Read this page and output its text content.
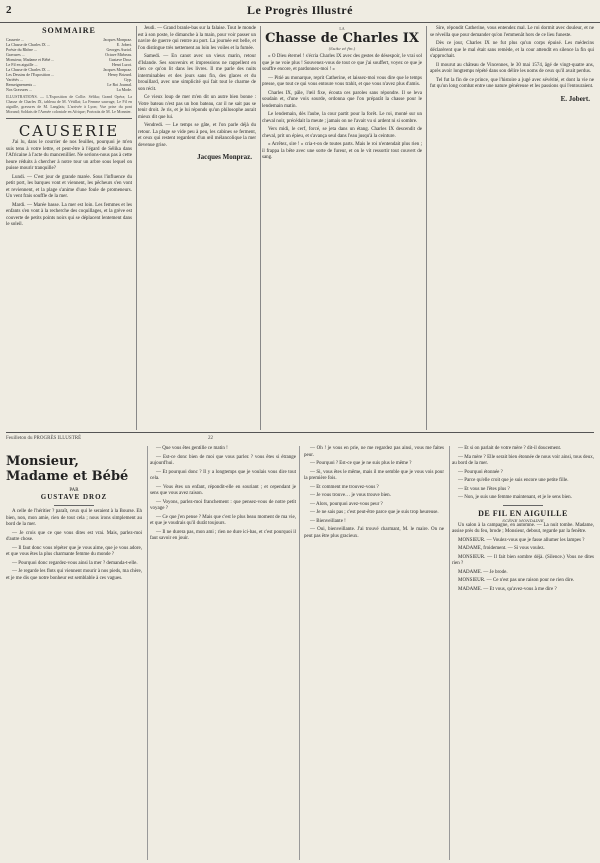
2	Le Progrès Illustré
SOMMAIRE
Causerie ...	Jacques Monpraz.
La Chasse de Charles IX ...	E. Jobert.
Poésie du Rhône ...	Georges Auriol.
Gravures ...	Octave Mirbeau.
Monsieur, Madame et Bébé ...	Gustave Droz.
Le Fil en aiguille ...	Henri Lurot.
La Chasse de Charles IX ...	Jacques Monpraz.
Les Dessins de l'Exposition ...	Henry Brizard.
Variétés ...	Gyp.
Renseignements ...	Le Roi Journal.
Nos Gravures ...	La Mode.
ILLUSTRATIONS. — L'Exposition de Collie. Sélika; Grand Opéra; La Chasse de Charles IX, tableau de M. Vétillat; La Femme sauvage, Le Fil en aiguille, gravures de M. Langlais; L'arrivée à Lyon; Vue prise du pont Morand; Soldats de l'Armée coloniale en Afrique; Portraits de M. Le Monnier.
CAUSERIE

J'ai lu, dans le courrier de nos feuilles, pourquoi je m'en suis tenu à votre lettre, et peut-être à l'égard de Sélika dans l'Africaine à l'acte du mancenillier. Ne serions-nous pas à cette heure réduits à chercher à notre tour un arbre sous lequel on puisse mourir tranquille?

Lundi. — C'est jour de grande marée. Sous l'influence du petit port, les barques vont et viennent, les pêcheurs s'en vont et reviennent, et la plage s'anime d'une foule de promeneurs. Un vent frais souffle de la mer.

Mardi. — Marée basse. La mer est loin. Les femmes et les enfants s'en vont à la recherche des coquillages, et la grève est couverte de petits points noirs qui se déplacent lentement dans le soleil.

Jeudi. — Grand branle-bas sur la falaise. Tout le monde est à son poste, le dimanche à la main, pour voir passer un navire de guerre qui rentre au port. La journée est belle, et l'on distingue très nettement au loin les voiles et la fumée.

Samedi. — En canot avec un vieux marin, retour d'Islande. Ses souvenirs et impressions ne rappellent en rien ce qu'on lit dans les livres. Il me parle des nuits interminables et des jours sans fin, des glaces et du brouillard, avec une simplicité qui fait tout le charme de son récit.

Ce vieux loup de mer m'en dit un autre bien bonne : Votre bateau n'est pas un bon bateau, car il ne sait pas se tenir droit. Je ris, et je lui réponds qu'un philosophe aurait mieux dit que lui.

Vendredi. — Le temps se gâte, et l'on parle déjà du retour. La plage se vide peu à peu, les cabines se ferment, et ceux qui restent regardent d'un œil mélancolique la mer devenue grise.

Jacques Monpraz.
LA
Chasse de Charles IX
(Suite et fin.)

« O Dieu éternel ! s'écria Charles IX avec des gestes de désespoir, le vrai sol que je ne voie plus ! Souvenez-vous de tout ce que j'ai souffert, voyez ce que je souffre encore, et pardonnez-moi ! »

— Pitié au monarque, reprit Catherine, et laissez-moi vous dire que le temps presse, que tout ce qui vous entoure vous trahit, et que vous n'avez plus d'amis.

Charles IX, pâle, l'œil fixe, écouta ces paroles sans répondre. Il se leva soudain et, d'une voix sourde, ordonna que l'on préparât la chasse pour le lendemain matin.

Le lendemain, dès l'aube, la cour partit pour la forêt. Le roi, monté sur un cheval noir, précédait la meute ; jamais on ne l'avait vu si ardent ni si sombre.

Vers midi, le cerf, forcé, se jeta dans un étang. Charles IX descendit de cheval, prit un épieu, et s'avança seul dans l'eau jusqu'à la ceinture.

« Arrêtez, sire ! » cria-t-on de toutes parts. Mais le roi n'entendait plus rien ; il frappa la bête avec une sorte de fureur, et on le vit ressortir tout couvert de sang.

Sire, répondit Catherine, vous entendez mal. Le roi dormit avec douleur, et ne se réveilla que pour demander qu'on l'emmenât hors de ce lieu funeste.

Dès ce jour, Charles IX ne fut plus qu'un corps épuisé. Les médecins déclarèrent que le mal était sans remède, et la cour attendit en silence la fin qui s'approchait.

Il mourut au château de Vincennes, le 30 mai 1574, âgé de vingt-quatre ans, après avoir longtemps répété dans son délire les noms de ceux qu'il avait perdus.

Tel fut la fin de ce prince, que l'histoire a jugé avec sévérité, et dont la vie ne fut qu'un long combat entre une nature généreuse et les passions qui l'entouraient.

E. Jobert.
Feuilleton du PROGRÈS ILLUSTRÉ	22
Monsieur, Madame et Bébé
PAR
GUSTAVE DROZ

A celle de l'héritier ? paraît, ceux qui le seraient à la Bourse. Eh bien, non, mon amie, rien de tout cela ; nous irons simplement au bord de la mer.

— Je crois que ce que vous dites est vrai. Mais, parlez-moi d'autre chose.

— Il faut donc vous répéter que je vous aime, que je vous adore, et que vous êtes la plus charmante femme du monde ?

— Pourquoi donc regardez-vous ainsi la mer ? demanda-t-elle.

— Je regarde les flots qui viennent mourir à nos pieds, ma chère, et je me dis que notre bonheur est semblable à ces vagues.

— Que vous êtes gentille ce matin !

— Est-ce donc bien de moi que vous parlez ? vous êtes si étrange aujourd'hui.

— Et pourquoi donc ? Il y a longtemps que je voulais vous dire tout cela.

— Vous êtes un enfant, répondit-elle en souriant ; et cependant je sens que vous avez raison.

— Voyons, parlez-moi franchement : que pensez-vous de notre petit voyage ?

— Ce que j'en pense ? Mais que c'est le plus beau moment de ma vie, et que je voudrais qu'il durât toujours.

— Il ne durera pas, mon ami ; rien ne dure ici-bas, et c'est pourquoi il faut savoir en jouir.

— Oh ! je vous en prie, ne me regardez pas ainsi, vous me faites peur.

— Pourquoi ? Est-ce que je ne suis plus le même ?

— Si, vous êtes le même, mais il me semble que je vous vois pour la première fois.

— Et comment me trouvez-vous ?

— Je vous trouve… je vous trouve bien.

— Alors, pourquoi avez-vous peur ?

— Je ne sais pas ; c'est peut-être parce que je suis trop heureuse.

— Bienveillante !

— Oui, bienveillante. J'ai trouvé charmant, M. le maire. On ne peut pas être plus gracieux.

— Et si on parlait de votre mère ? dit-il doucement.

— Ma mère ? Elle serait bien étonnée de nous voir ainsi, tous deux, au bord de la mer.

— Pourquoi étonnée ?

— Parce qu'elle croit que je suis encore une petite fille.

— Et vous ne l'êtes plus ?

— Non, je suis une femme maintenant, et je le sens bien.

DE FIL EN AIGUILLE
SCÈNE MONDAINE

Un salon à la campagne, en automne. — La nuit tombe. Madame, assise près du feu, brode ; Monsieur, debout, regarde par la fenêtre.

MONSIEUR. — Voulez-vous que je fasse allumer les lampes ?

MADAME, froidement. — Si vous voulez.

MONSIEUR. — Il fait bien sombre déjà. (Silence.) Vous ne dites rien ?

MADAME. — Je brode.

MONSIEUR. — Ce n'est pas une raison pour ne rien dire.

MADAME. — Et vous, qu'avez-vous à me dire ?
